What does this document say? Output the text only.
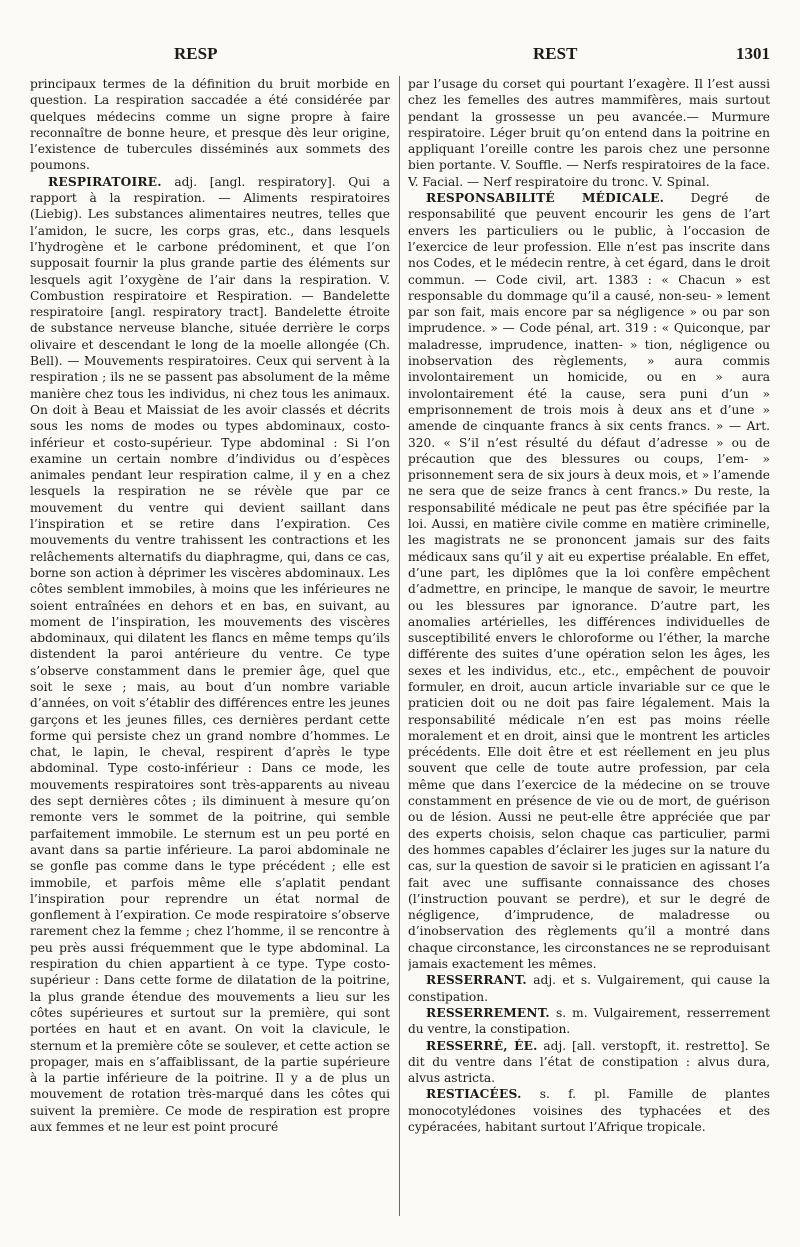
RESP	REST	1301

principaux termes de la définition du bruit morbide en question. La respiration saccadée a été considérée par quelques médecins comme un signe propre à faire reconnaître de bonne heure, et presque dès leur origine, l’existence de tubercules disséminés aux sommets des poumons.

RESPIRATOIRE. adj. [angl. respiratory]. Qui a rapport à la respiration. — Aliments respiratoires (Liebig). Les substances alimentaires neutres, telles que l’amidon, le sucre, les corps gras, etc., dans lesquels l’hydrogène et le carbone prédominent, et que l’on supposait fournir la plus grande partie des éléments sur lesquels agit l’oxygène de l’air dans la respiration. V. Combustion respiratoire et Respiration. — Bandelette respiratoire [angl. respiratory tract]. Bandelette étroite de substance nerveuse blanche, située derrière le corps olivaire et descendant le long de la moelle allongée (Ch. Bell). — Mouvements respiratoires. Ceux qui servent à la respiration ; ils ne se passent pas absolument de la même manière chez tous les individus, ni chez tous les animaux. On doit à Beau et Maissiat de les avoir classés et décrits sous les noms de modes ou types abdominaux, costo-inférieur et costo-supérieur. Type abdominal : Si l’on examine un certain nombre d’individus ou d’espèces animales pendant leur respiration calme, il y en a chez lesquels la respiration ne se révèle que par ce mouvement du ventre qui devient saillant dans l’inspiration et se retire dans l’expiration. Ces mouvements du ventre trahissent les contractions et les relâchements alternatifs du diaphragme, qui, dans ce cas, borne son action à déprimer les viscères abdominaux. Les côtes semblent immobiles, à moins que les inférieures ne soient entraînées en dehors et en bas, en suivant, au moment de l’inspiration, les mouvements des viscères abdominaux, qui dilatent les flancs en même temps qu’ils distendent la paroi antérieure du ventre. Ce type s’observe constamment dans le premier âge, quel que soit le sexe ; mais, au bout d’un nombre variable d’années, on voit s’établir des différences entre les jeunes garçons et les jeunes filles, ces dernières perdant cette forme qui persiste chez un grand nombre d’hommes. Le chat, le lapin, le cheval, respirent d’après le type abdominal. Type costo-inférieur : Dans ce mode, les mouvements respiratoires sont très-apparents au niveau des sept dernières côtes ; ils diminuent à mesure qu’on remonte vers le sommet de la poitrine, qui semble parfaitement immobile. Le sternum est un peu porté en avant dans sa partie inférieure. La paroi abdominale ne se gonfle pas comme dans le type précédent ; elle est immobile, et parfois même elle s’aplatit pendant l’inspiration pour reprendre un état normal de gonflement à l’expiration. Ce mode respiratoire s’observe rarement chez la femme ; chez l’homme, il se rencontre à peu près aussi fréquemment que le type abdominal. La respiration du chien appartient à ce type. Type costo-supérieur : Dans cette forme de dilatation de la poitrine, la plus grande étendue des mouvements a lieu sur les côtes supérieures et surtout sur la première, qui sont portées en haut et en avant. On voit la clavicule, le sternum et la première côte se soulever, et cette action se propager, mais en s’affaiblissant, de la partie supérieure à la partie inférieure de la poitrine. Il y a de plus un mouvement de rotation très-marqué dans les côtes qui suivent la première. Ce mode de respiration est propre aux femmes et ne leur est point procuré

par l’usage du corset qui pourtant l’exagère. Il l’est aussi chez les femelles des autres mammifères, mais surtout pendant la grossesse un peu avancée.— Murmure respiratoire. Léger bruit qu’on entend dans la poitrine en appliquant l’oreille contre les parois chez une personne bien portante. V. Souffle. — Nerfs respiratoires de la face. V. Facial. — Nerf respiratoire du tronc. V. Spinal.

RESPONSABILITÉ MÉDICALE. Degré de responsabilité que peuvent encourir les gens de l’art envers les particuliers ou le public, à l’occasion de l’exercice de leur profession. Elle n’est pas inscrite dans nos Codes, et le médecin rentre, à cet égard, dans le droit commun. — Code civil, art. 1383 : « Chacun » est responsable du dommage qu’il a causé, non-seu- » lement par son fait, mais encore par sa négligence » ou par son imprudence. » — Code pénal, art. 319 : « Quiconque, par maladresse, imprudence, inatten- » tion, négligence ou inobservation des règlements, » aura commis involontairement un homicide, ou en » aura involontairement été la cause, sera puni d’un » emprisonnement de trois mois à deux ans et d’une » amende de cinquante francs à six cents francs. » — Art. 320. « S’il n’est résulté du défaut d’adresse » ou de précaution que des blessures ou coups, l’em- » prisonnement sera de six jours à deux mois, et » l’amende ne sera que de seize francs à cent francs.» Du reste, la responsabilité médicale ne peut pas être spécifiée par la loi. Aussi, en matière civile comme en matière criminelle, les magistrats ne se prononcent jamais sur des faits médicaux sans qu’il y ait eu expertise préalable. En effet, d’une part, les diplômes que la loi confère empêchent d’admettre, en principe, le manque de savoir, le meurtre ou les blessures par ignorance. D’autre part, les anomalies artérielles, les différences individuelles de susceptibilité envers le chloroforme ou l’éther, la marche différente des suites d’une opération selon les âges, les sexes et les individus, etc., etc., empêchent de pouvoir formuler, en droit, aucun article invariable sur ce que le praticien doit ou ne doit pas faire légalement. Mais la responsabilité médicale n’en est pas moins réelle moralement et en droit, ainsi que le montrent les articles précédents. Elle doit être et est réellement en jeu plus souvent que celle de toute autre profession, par cela même que dans l’exercice de la médecine on se trouve constamment en présence de vie ou de mort, de guérison ou de lésion. Aussi ne peut-elle être appréciée que par des experts choisis, selon chaque cas particulier, parmi des hommes capables d’éclairer les juges sur la nature du cas, sur la question de savoir si le praticien en agissant l’a fait avec une suffisante connaissance des choses (l’instruction pouvant se perdre), et sur le degré de négligence, d’imprudence, de maladresse ou d’inobservation des règlements qu’il a montré dans chaque circonstance, les circonstances ne se reproduisant jamais exactement les mêmes.

RESSERRANT. adj. et s. Vulgairement, qui cause la constipation.

RESSERREMENT. s. m. Vulgairement, resserrement du ventre, la constipation.

RESSERRÉ, ÉE. adj. [all. verstopft, it. restretto]. Se dit du ventre dans l’état de constipation : alvus dura, alvus astricta.

RESTIACÉES. s. f. pl. Famille de plantes monocotylédones voisines des typhacées et des cypéracées, habitant surtout l’Afrique tropicale.
